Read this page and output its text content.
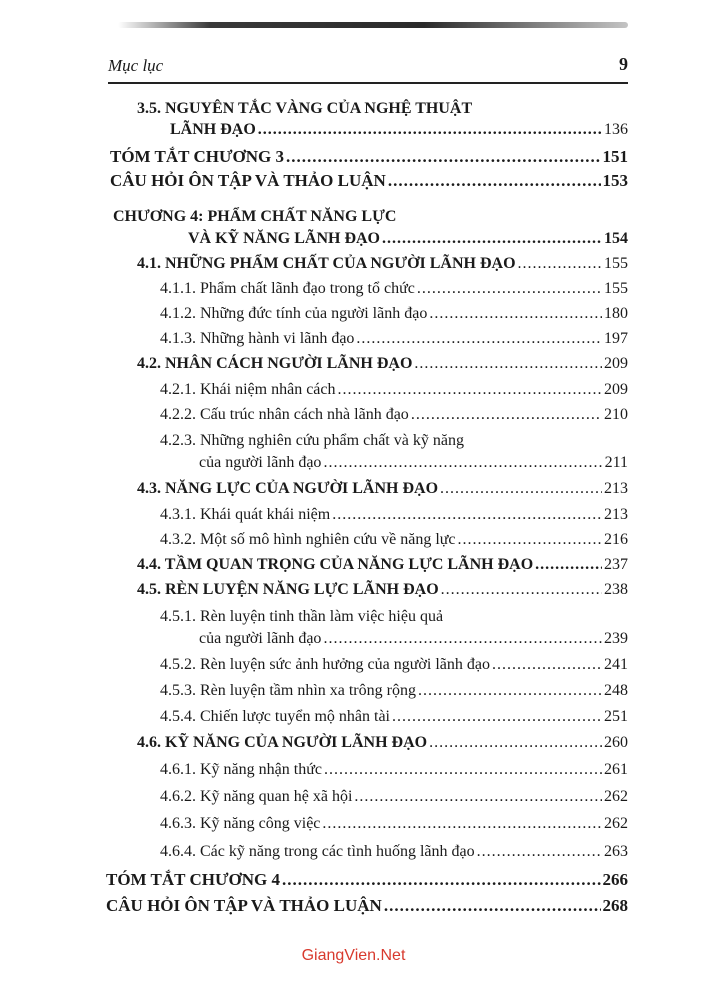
Mục lục	9
3.5. NGUYÊN TẮC VÀNG CỦA NGHỆ THUẬT
LÃNH ĐẠO .....	136
TÓM TẮT CHƯƠNG 3 .....	151
CÂU HỎI ÔN TẬP VÀ THẢO LUẬN .....	153
CHƯƠNG 4: PHẨM CHẤT NĂNG LỰC
VÀ KỸ NĂNG LÃNH ĐẠO .....	154
4.1. NHỮNG PHẨM CHẤT CỦA NGƯỜI LÃNH ĐẠO .....	155
4.1.1. Phẩm chất lãnh đạo trong tổ chức .....	155
4.1.2. Những đức tính của người lãnh đạo .....	180
4.1.3. Những hành vi lãnh đạo .....	197
4.2. NHÂN CÁCH NGƯỜI LÃNH ĐẠO .....	209
4.2.1. Khái niệm nhân cách .....	209
4.2.2. Cấu trúc nhân cách nhà lãnh đạo .....	210
4.2.3. Những nghiên cứu phẩm chất và kỹ năng
của người lãnh đạo .....	211
4.3. NĂNG LỰC CỦA NGƯỜI LÃNH ĐẠO .....	213
4.3.1. Khái quát khái niệm .....	213
4.3.2. Một số mô hình nghiên cứu về năng lực .....	216
4.4. TẦM QUAN TRỌNG CỦA NĂNG LỰC LÃNH ĐẠO .....	237
4.5. RÈN LUYỆN NĂNG LỰC LÃNH ĐẠO .....	238
4.5.1. Rèn luyện tinh thần làm việc hiệu quả
của người lãnh đạo .....	239
4.5.2. Rèn luyện sức ảnh hưởng của người lãnh đạo .....	241
4.5.3. Rèn luyện tầm nhìn xa trông rộng .....	248
4.5.4. Chiến lược tuyển mộ nhân tài .....	251
4.6. KỸ NĂNG CỦA NGƯỜI LÃNH ĐẠO .....	260
4.6.1. Kỹ năng nhận thức .....	261
4.6.2. Kỹ năng quan hệ xã hội .....	262
4.6.3. Kỹ năng công việc .....	262
4.6.4. Các kỹ năng trong các tình huống lãnh đạo .....	263
TÓM TẮT CHƯƠNG 4 .....	266
CÂU HỎI ÔN TẬP VÀ THẢO LUẬN .....	268
GiangVien.Net
